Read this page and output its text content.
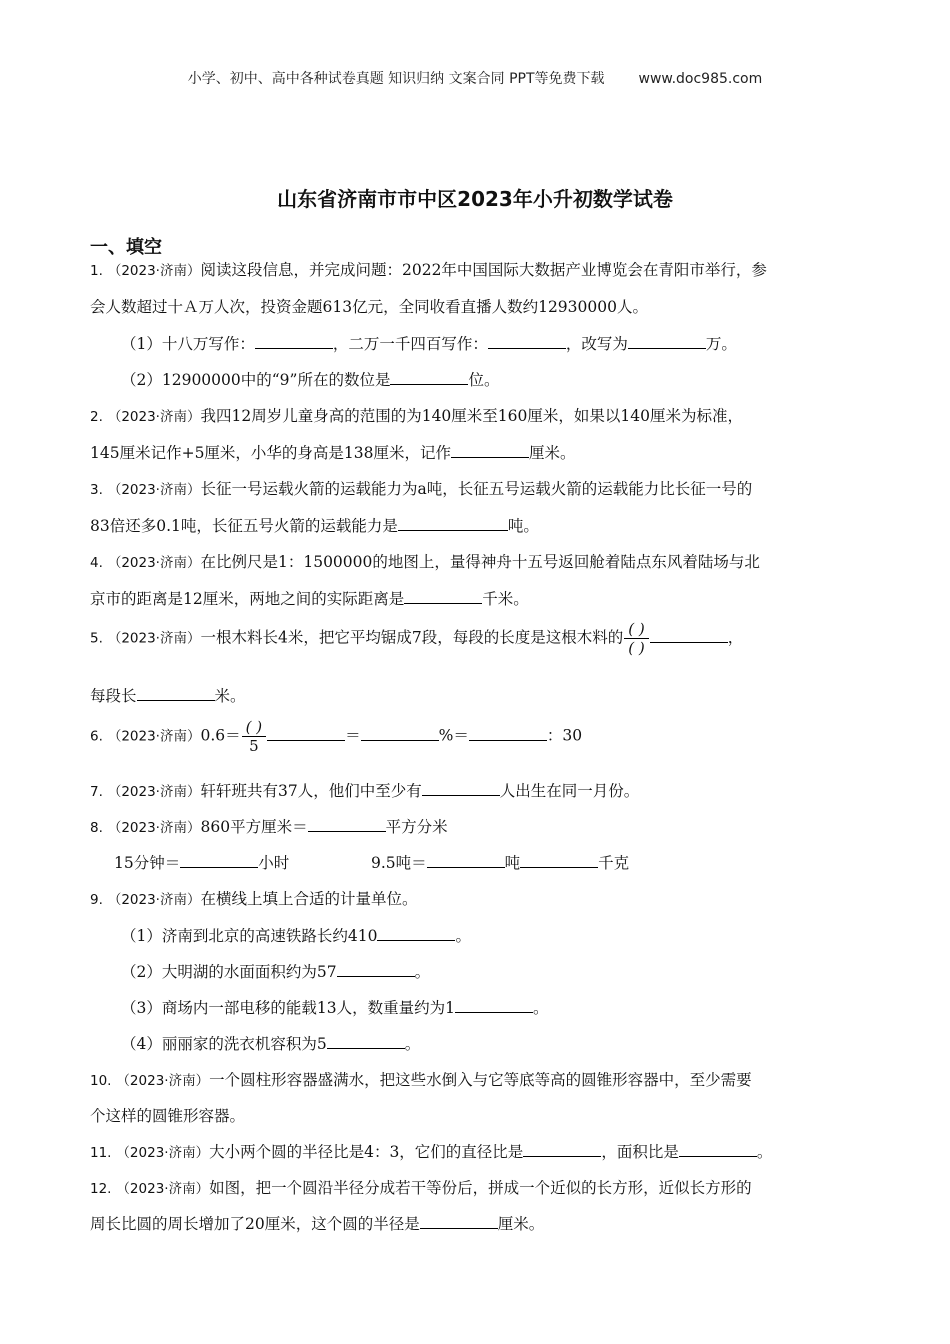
小学、初中、高中各种试卷真题 知识归纳 文案合同 PPT等免费下载 www.doc985.com
山东省济南市市中区2023年小升初数学试卷
一、填空
1. （2023·济南）阅读这段信息，并完成问题：2022年中国国际大数据产业博览会在青阳市举行，参
会人数超过十Ａ万人次，投资金题613亿元，全同收看直播人数约12930000人。
（1）十八万写作：	，二万一千四百写作：	，改写为	万。
（2）12900000中的“9”所在的数位是	位。
2. （2023·济南）我四12周岁儿童身高的范围的为140厘米至160厘米，如果以140厘米为标准，
145厘米记作+5厘米，小华的身高是138厘米，记作	厘米。
3. （2023·济南）长征一号运载火箭的运载能力为a吨，长征五号运载火箭的运载能力比长征一号的
83倍还多0.1吨，长征五号火箭的运载能力是	吨。
4. （2023·济南）在比例尺是1：1500000的地图上，量得神舟十五号返回舱着陆点东风着陆场与北
京市的距离是12厘米，两地之间的实际距离是	千米。
5. （2023·济南）一根木料长4米，把它平均锯成7段，每段的长度是这根木料的 $\frac{( )}{( )}$	，
每段长	米。
6. （2023·济南）$0.6= \frac{( )}{5}$	＝	%＝	：30
7. （2023·济南）轩轩班共有37人，他们中至少有	人出生在同一月份。
8. （2023·济南）860平方厘米＝	平方分米
15分钟＝	小时	9.5吨＝	吨	千克
9. （2023·济南）在横线上填上合适的计量单位。
（1）济南到北京的高速铁路长约410	。
（2）大明湖的水面面积约为57	。
（3）商场内一部电移的能载13人，数重量约为1	。
（4）丽丽家的洗衣机容积为5	。
10. （2023·济南）一个圆柱形容器盛满水，把这些水倒入与它等底等高的圆锥形容器中，至少需要
个这样的圆锥形容器。
11. （2023·济南）大小两个圆的半径比是4：3，它们的直径比是	，面积比是	。
12. （2023·济南）如图，把一个圆沿半径分成若干等份后，拼成一个近似的长方形，近似长方形的
周长比圆的周长增加了20厘米，这个圆的半径是	厘米。
